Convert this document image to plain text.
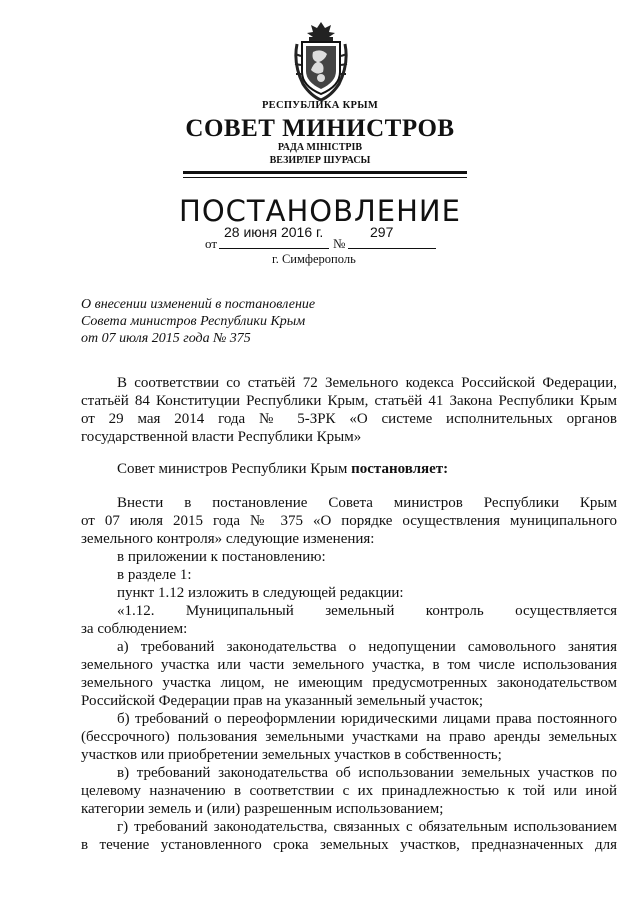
РЕСПУБЛИКА КРЫМ
СОВЕТ МИНИСТРОВ
РАДА МІНІСТРІВ
ВЕЗИРЛЕР ШУРАСЫ
ПОСТАНОВЛЕНИЕ
от
28 июня 2016 г.
№
297
г. Симферополь
О внесении изменений в постановление
Совета министров Республики Крым
от 07 июля 2015 года № 375
В соответствии со статьёй 72 Земельного кодекса Российской Федерации,
статьёй 84 Конституции Республики Крым, статьёй 41 Закона Республики Крым
от 29 мая 2014 года № 5-ЗРК «О системе исполнительных органов
государственной власти Республики Крым»
Совет министров Республики Крым постановляет:
Внести в постановление Совета министров Республики Крым
от 07 июля 2015 года № 375 «О порядке осуществления муниципального
земельного контроля» следующие изменения:
в приложении к постановлению:
в разделе 1:
пункт 1.12 изложить в следующей редакции:
«1.12. Муниципальный земельный контроль осуществляется
за соблюдением:
а) требований законодательства о недопущении самовольного занятия
земельного участка или части земельного участка, в том числе использования
земельного участка лицом, не имеющим предусмотренных законодательством
Российской Федерации прав на указанный земельный участок;
б) требований о переоформлении юридическими лицами права постоянного
(бессрочного) пользования земельными участками на право аренды земельных
участков или приобретении земельных участков в собственность;
в) требований законодательства об использовании земельных участков по
целевому назначению в соответствии с их принадлежностью к той или иной
категории земель и (или) разрешенным использованием;
г) требований законодательства, связанных с обязательным использованием
в течение установленного срока земельных участков, предназначенных для
